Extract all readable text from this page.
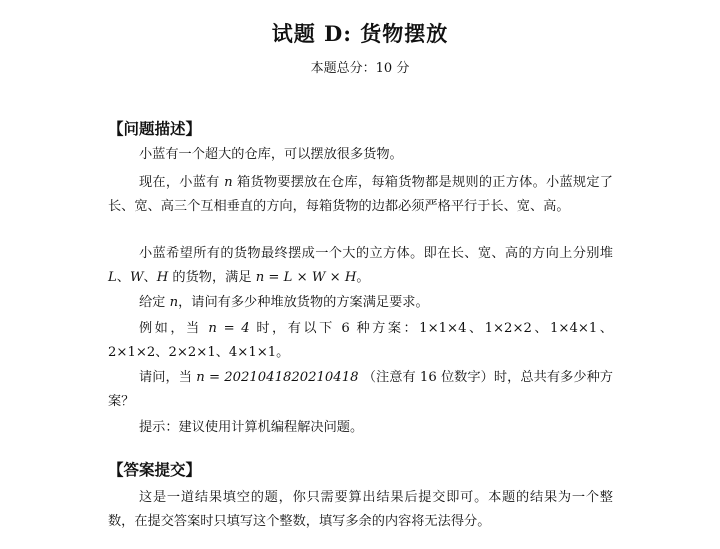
试题 D: 货物摆放
本题总分：10 分
【问题描述】
小蓝有一个超大的仓库，可以摆放很多货物。
现在，小蓝有 n 箱货物要摆放在仓库，每箱货物都是规则的正方体。小蓝规定了长、宽、高三个互相垂直的方向，每箱货物的边都必须严格平行于长、宽、高。
小蓝希望所有的货物最终摆成一个大的立方体。即在长、宽、高的方向上分别堆 L、W、H 的货物，满足 n = L × W × H。
给定 n，请问有多少种堆放货物的方案满足要求。
例如，当 n = 4 时，有以下 6 种方案：1×1×4、1×2×2、1×4×1、2×1×2、2×2×1、4×1×1。
请问，当 n = 2021041820210418 （注意有 16 位数字）时，总共有多少种方案？
提示：建议使用计算机编程解决问题。
【答案提交】
这是一道结果填空的题，你只需要算出结果后提交即可。本题的结果为一个整数，在提交答案时只填写这个整数，填写多余的内容将无法得分。
